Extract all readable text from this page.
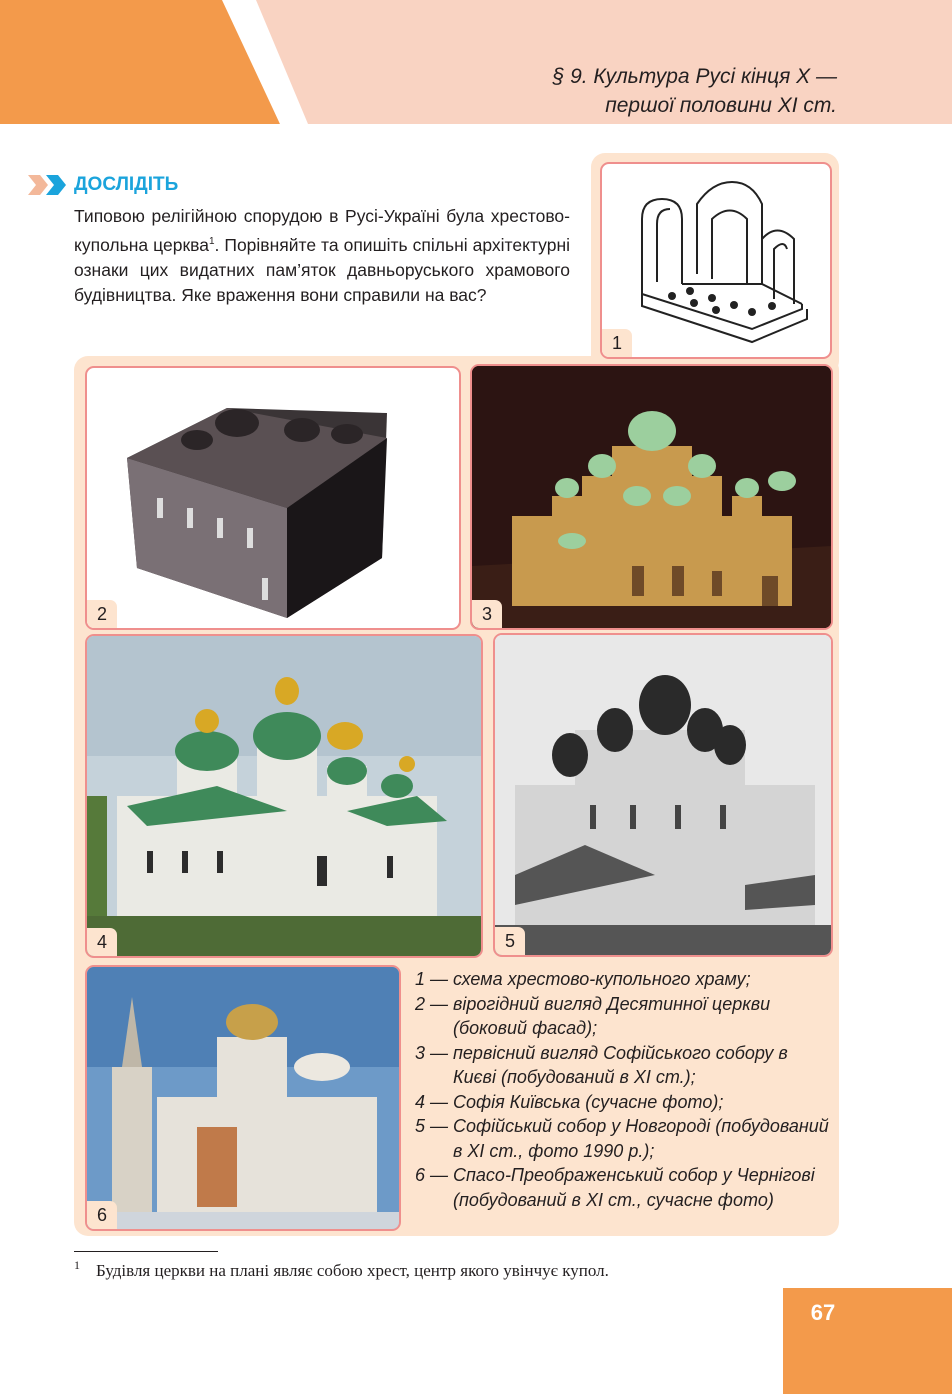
§ 9. Культура Русі кінця X —
першої половини XI ст.
ДОСЛІДІТЬ
Типовою релігійною спорудою в Русі-Україні була хрестово-купольна церква$^1$. Порівняйте та опишіть спільні архітектурні ознаки цих видатних пам’яток давньоруського храмового будівництва. Яке враження вони справили на вас?
1
2	3
4	5
6
1 — схема хрестово-купольного храму;
2 — вірогідний вигляд Десятинної церкви (боковий фасад);
3 — первісний вигляд Софійського собору в Києві (побудований в XI ст.);
4 — Софія Київська (сучасне фото);
5 — Софійський собор у Новгороді (побудований в XI ст., фото 1990 р.);
6 — Спасо-Преображенський собор у Чернігові (побудований в XI ст., сучасне фото)
1 Будівля церкви на плані являє собою хрест, центр якого увінчує купол.
67
